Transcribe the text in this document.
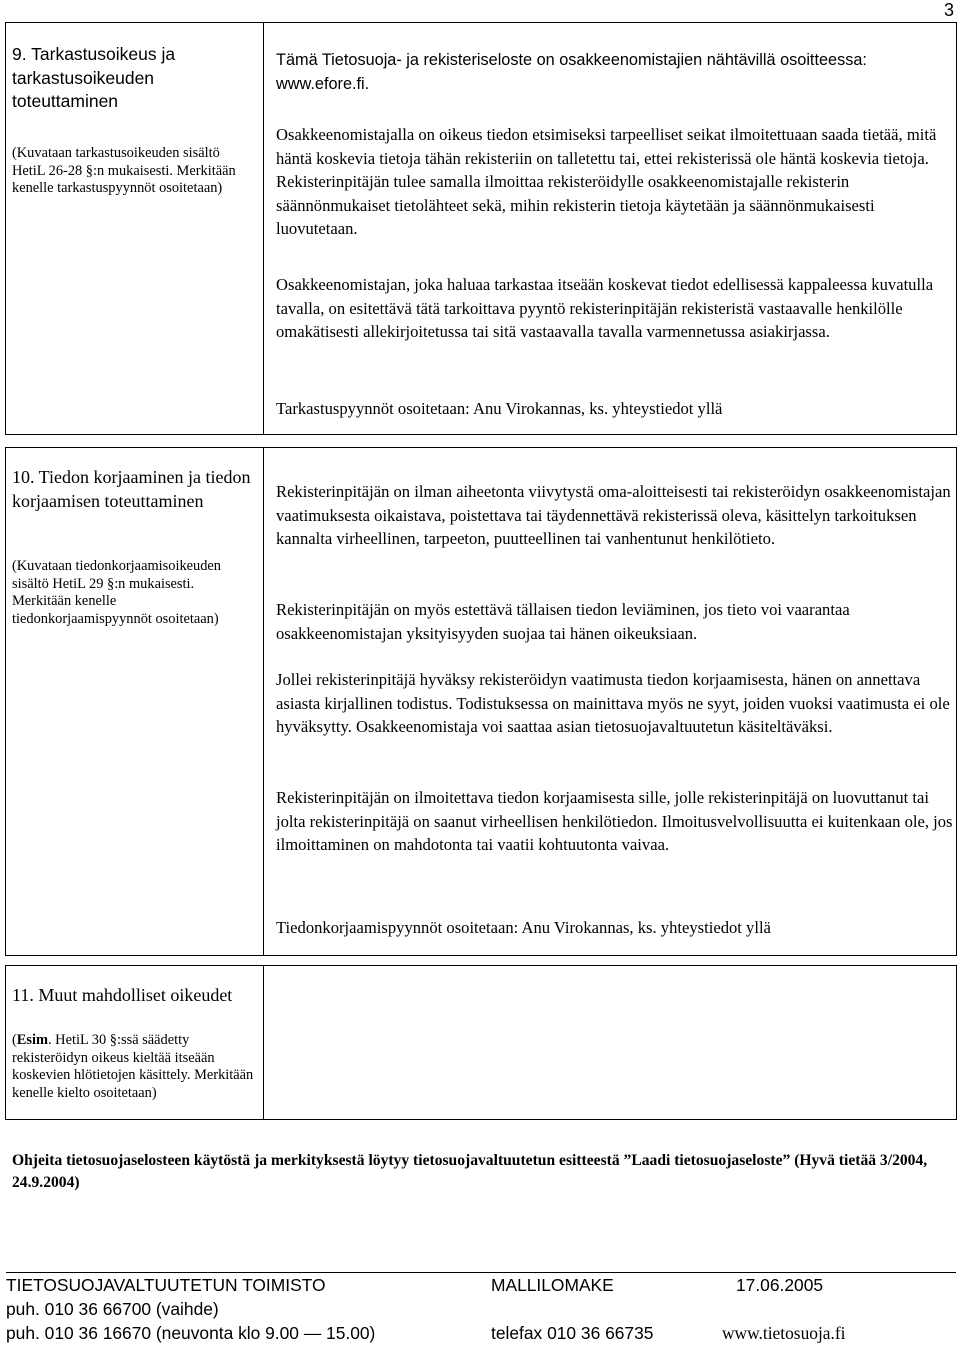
3
9. Tarkastusoikeus ja tarkastusoikeuden toteuttaminen
(Kuvataan tarkastusoikeuden sisältö HetiL 26-28 §:n mukaisesti. Merkitään kenelle tarkastuspyynnöt osoitetaan)
Tämä Tietosuoja- ja rekisteriseloste on osakkeenomistajien nähtävillä osoitteessa: www.efore.fi.
Osakkeenomistajalla on oikeus tiedon etsimiseksi tarpeelliset seikat ilmoitettuaan saada tietää, mitä häntä koskevia tietoja tähän rekisteriin on talletettu tai, ettei rekisterissä ole häntä koskevia tietoja. Rekisterinpitäjän tulee samalla ilmoittaa rekisteröidylle osakkeenomistajalle rekisterin säännönmukaiset tietolähteet sekä, mihin rekisterin tietoja käytetään ja säännönmukaisesti luovutetaan.
Osakkeenomistajan, joka haluaa tarkastaa itseään koskevat tiedot edellisessä kappaleessa kuvatulla tavalla, on esitettävä tätä tarkoittava pyyntö rekisterinpitäjän rekisteristä vastaavalle henkilölle omakätisesti allekirjoitetussa tai sitä vastaavalla tavalla varmennetussa asiakirjassa.
Tarkastuspyynnöt osoitetaan: Anu Virokannas, ks. yhteystiedot yllä
10. Tiedon korjaaminen ja tiedon korjaamisen toteuttaminen
(Kuvataan tiedonkorjaamisoikeuden sisältö HetiL 29 §:n mukaisesti. Merkitään kenelle tiedonkorjaamispyynnöt osoitetaan)
Rekisterinpitäjän on ilman aiheetonta viivytystä oma-aloitteisesti tai rekisteröidyn osakkeenomistajan vaatimuksesta oikaistava, poistettava tai täydennettävä rekisterissä oleva, käsittelyn tarkoituksen kannalta virheellinen, tarpeeton, puutteellinen tai vanhentunut henkilötieto.
Rekisterinpitäjän on myös estettävä tällaisen tiedon leviäminen, jos tieto voi vaarantaa osakkeenomistajan yksityisyyden suojaa tai hänen oikeuksiaan.
Jollei rekisterinpitäjä hyväksy rekisteröidyn vaatimusta tiedon korjaamisesta, hänen on annettava asiasta kirjallinen todistus. Todistuksessa on mainittava myös ne syyt, joiden vuoksi vaatimusta ei ole hyväksytty. Osakkeenomistaja voi saattaa asian tietosuojavaltuutetun käsiteltäväksi.
Rekisterinpitäjän on ilmoitettava tiedon korjaamisesta sille, jolle rekisterinpitäjä on luovuttanut tai jolta rekisterinpitäjä on saanut virheellisen henkilötiedon. Ilmoitusvelvollisuutta ei kuitenkaan ole, jos ilmoittaminen on mahdotonta tai vaatii kohtuutonta vaivaa.
Tiedonkorjaamispyynnöt osoitetaan: Anu Virokannas, ks. yhteystiedot yllä
11. Muut mahdolliset oikeudet
(Esim. HetiL 30 §:ssä säädetty rekisteröidyn oikeus kieltää itseään koskevien hlötietojen käsittely. Merkitään kenelle kielto osoitetaan)
Ohjeita tietosuojaselosteen käytöstä ja merkityksestä löytyy tietosuojavaltuutetun esitteestä ”Laadi tietosuojaseloste” (Hyvä tietää 3/2004, 24.9.2004)
TIETOSUOJAVALTUUTETUN TOIMISTO	MALLILOMAKE	17.06.2005
puh. 010 36 66700 (vaihde)
puh. 010 36 16670 (neuvonta klo 9.00 — 15.00)	telefax 010 36 66735	www.tietosuoja.fi
